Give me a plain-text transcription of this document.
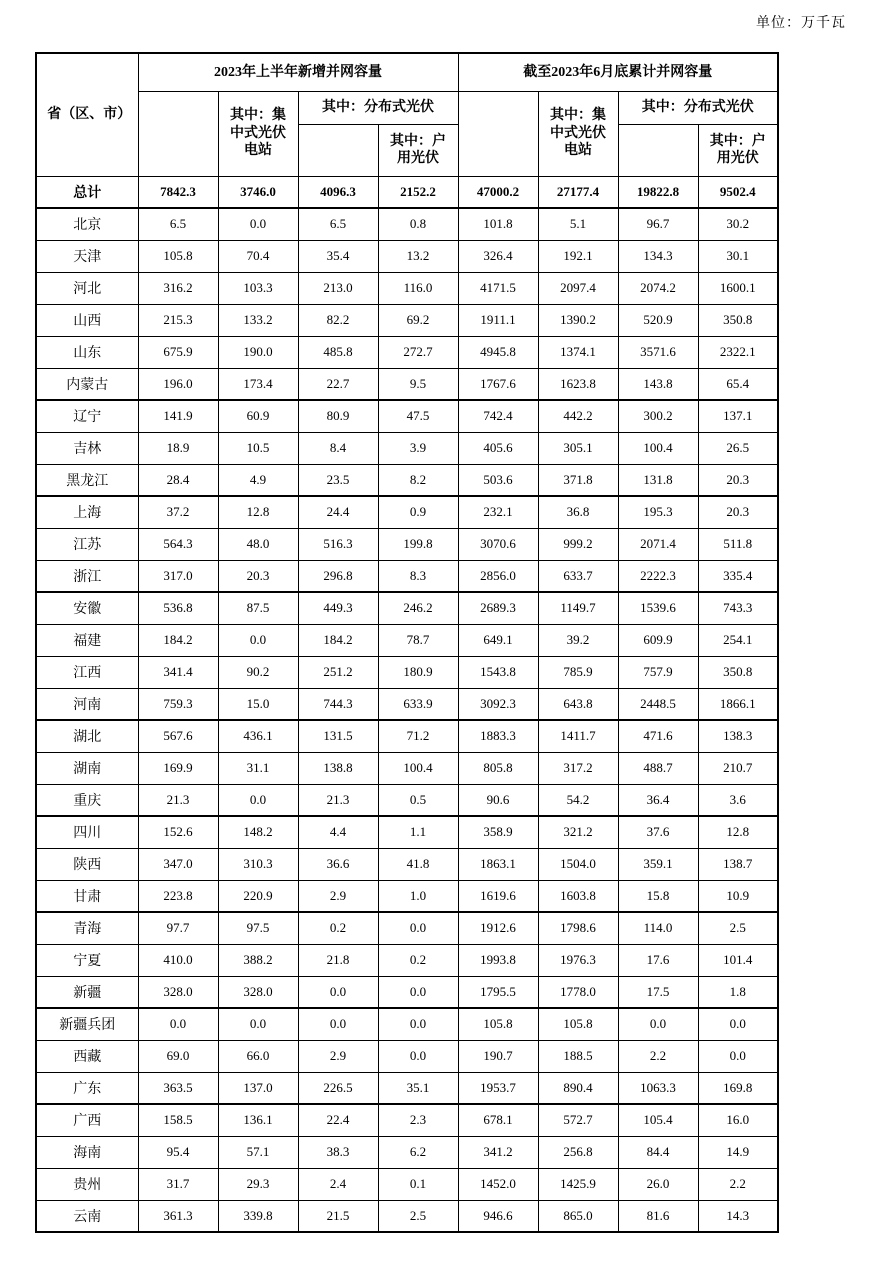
单位：万千瓦
省（区、市）	2023年上半年新增并网容量				截至2023年6月底累计并网容量			
		其中：集中式光伏电站	其中：分布式光伏			其中：集中式光伏电站	其中：分布式光伏	
				其中：户用光伏				其中：户用光伏
总计	7842.3	3746.0	4096.3	2152.2	47000.2	27177.4	19822.8	9502.4
北京	6.5	0.0	6.5	0.8	101.8	5.1	96.7	30.2
天津	105.8	70.4	35.4	13.2	326.4	192.1	134.3	30.1
河北	316.2	103.3	213.0	116.0	4171.5	2097.4	2074.2	1600.1
山西	215.3	133.2	82.2	69.2	1911.1	1390.2	520.9	350.8
山东	675.9	190.0	485.8	272.7	4945.8	1374.1	3571.6	2322.1
内蒙古	196.0	173.4	22.7	9.5	1767.6	1623.8	143.8	65.4
辽宁	141.9	60.9	80.9	47.5	742.4	442.2	300.2	137.1
吉林	18.9	10.5	8.4	3.9	405.6	305.1	100.4	26.5
黑龙江	28.4	4.9	23.5	8.2	503.6	371.8	131.8	20.3
上海	37.2	12.8	24.4	0.9	232.1	36.8	195.3	20.3
江苏	564.3	48.0	516.3	199.8	3070.6	999.2	2071.4	511.8
浙江	317.0	20.3	296.8	8.3	2856.0	633.7	2222.3	335.4
安徽	536.8	87.5	449.3	246.2	2689.3	1149.7	1539.6	743.3
福建	184.2	0.0	184.2	78.7	649.1	39.2	609.9	254.1
江西	341.4	90.2	251.2	180.9	1543.8	785.9	757.9	350.8
河南	759.3	15.0	744.3	633.9	3092.3	643.8	2448.5	1866.1
湖北	567.6	436.1	131.5	71.2	1883.3	1411.7	471.6	138.3
湖南	169.9	31.1	138.8	100.4	805.8	317.2	488.7	210.7
重庆	21.3	0.0	21.3	0.5	90.6	54.2	36.4	3.6
四川	152.6	148.2	4.4	1.1	358.9	321.2	37.6	12.8
陕西	347.0	310.3	36.6	41.8	1863.1	1504.0	359.1	138.7
甘肃	223.8	220.9	2.9	1.0	1619.6	1603.8	15.8	10.9
青海	97.7	97.5	0.2	0.0	1912.6	1798.6	114.0	2.5
宁夏	410.0	388.2	21.8	0.2	1993.8	1976.3	17.6	101.4
新疆	328.0	328.0	0.0	0.0	1795.5	1778.0	17.5	1.8
新疆兵团	0.0	0.0	0.0	0.0	105.8	105.8	0.0	0.0
西藏	69.0	66.0	2.9	0.0	190.7	188.5	2.2	0.0
广东	363.5	137.0	226.5	35.1	1953.7	890.4	1063.3	169.8
广西	158.5	136.1	22.4	2.3	678.1	572.7	105.4	16.0
海南	95.4	57.1	38.3	6.2	341.2	256.8	84.4	14.9
贵州	31.7	29.3	2.4	0.1	1452.0	1425.9	26.0	2.2
云南	361.3	339.8	21.5	2.5	946.6	865.0	81.6	14.3
